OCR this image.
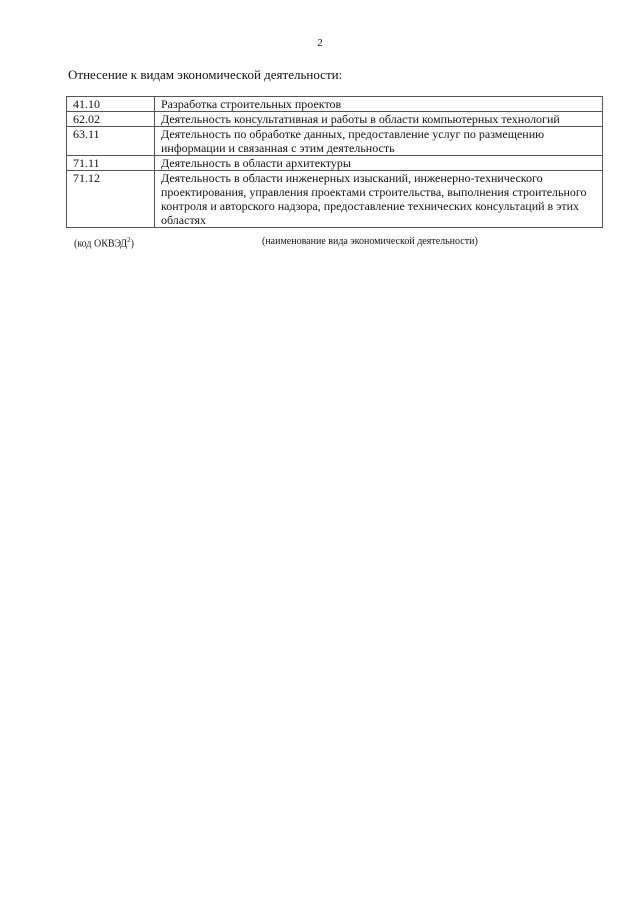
2
Отнесение к видам экономической деятельности:
41.10	Разработка строительных проектов
62.02	Деятельность консультативная и работы в области компьютерных технологий
63.11	Деятельность по обработке данных, предоставление услуг по размещению информации и связанная с этим деятельность
71.11	Деятельность в области архитектуры
71.12	Деятельность в области инженерных изысканий, инженерно-технического проектирования, управления проектами строительства, выполнения строительного контроля и авторского надзора, предоставление технических консультаций в этих областях
(код ОКВЭД$^2$)	(наименование вида экономической деятельности)
